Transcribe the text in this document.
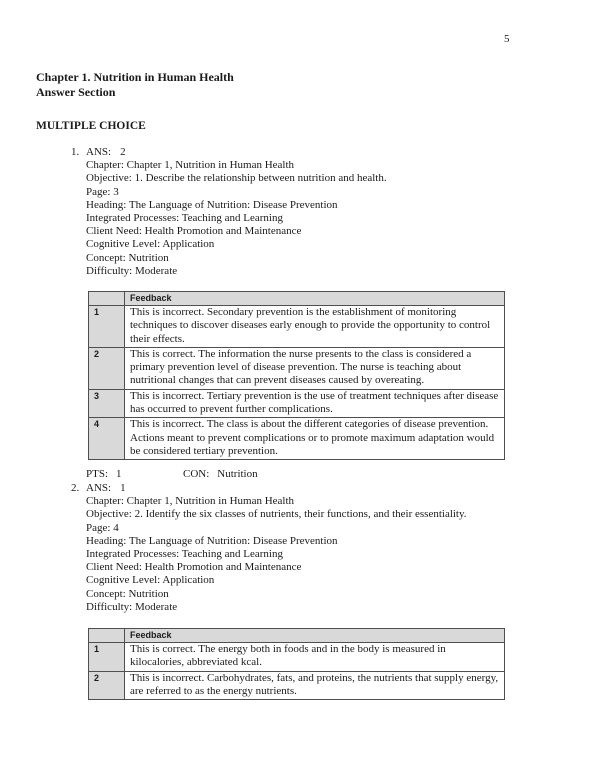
5
Chapter 1. Nutrition in Human Health
Answer Section
MULTIPLE CHOICE
1. ANS: 2
Chapter: Chapter 1, Nutrition in Human Health
Objective: 1. Describe the relationship between nutrition and health.
Page: 3
Heading: The Language of Nutrition: Disease Prevention
Integrated Processes: Teaching and Learning
Client Need: Health Promotion and Maintenance
Cognitive Level: Application
Concept: Nutrition
Difficulty: Moderate
	Feedback
1	This is incorrect. Secondary prevention is the establishment of monitoring techniques to discover diseases early enough to provide the opportunity to control their effects.
2	This is correct. The information the nurse presents to the class is considered a primary prevention level of disease prevention. The nurse is teaching about nutritional changes that can prevent diseases caused by overeating.
3	This is incorrect. Tertiary prevention is the use of treatment techniques after disease has occurred to prevent further complications.
4	This is incorrect. The class is about the different categories of disease prevention. Actions meant to prevent complications or to promote maximum adaptation would be considered tertiary prevention.
PTS: 1	CON: Nutrition
2. ANS: 1
Chapter: Chapter 1, Nutrition in Human Health
Objective: 2. Identify the six classes of nutrients, their functions, and their essentiality.
Page: 4
Heading: The Language of Nutrition: Disease Prevention
Integrated Processes: Teaching and Learning
Client Need: Health Promotion and Maintenance
Cognitive Level: Application
Concept: Nutrition
Difficulty: Moderate
	Feedback
1	This is correct. The energy both in foods and in the body is measured in kilocalories, abbreviated kcal.
2	This is incorrect. Carbohydrates, fats, and proteins, the nutrients that supply energy, are referred to as the energy nutrients.
